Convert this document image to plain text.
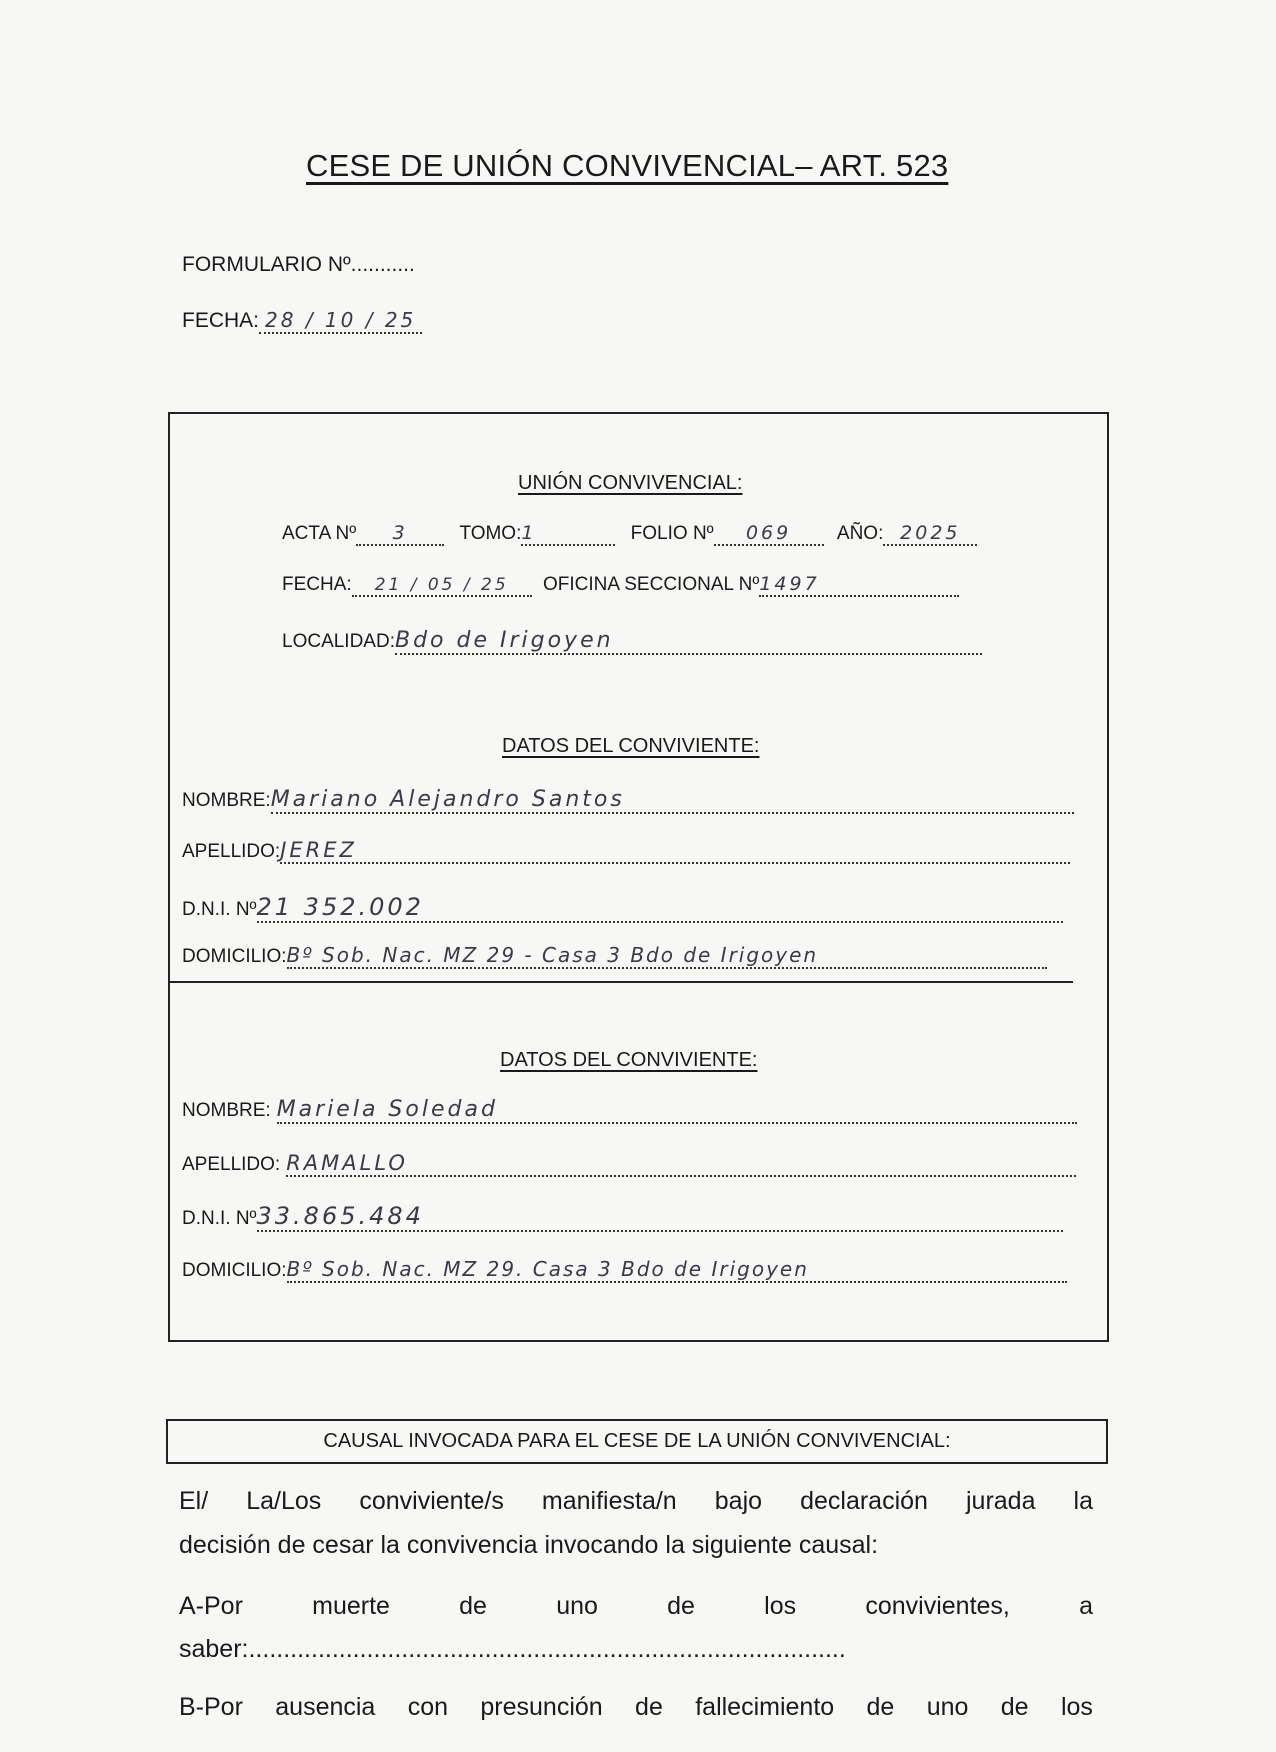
CESE DE UNIÓN CONVIVENCIAL– ART. 523
FORMULARIO Nº...........
FECHA: 28 / 10 / 25
UNIÓN CONVIVENCIAL:
ACTA Nº 3	TOMO:1	FOLIO Nº 069 AÑO: 2025
FECHA: 21 / 05 / 25 OFICINA SECCIONAL Nº1497
LOCALIDAD:Bdo de Irigoyen
DATOS DEL CONVIVIENTE:
NOMBRE:Mariano Alejandro Santos
APELLIDO:JEREZ
D.N.I. Nº21 352.002
DOMICILIO:Bº Sob. Nac. MZ 29 - Casa 3 Bdo de Irigoyen
DATOS DEL CONVIVIENTE:
NOMBRE: Mariela Soledad
APELLIDO: RAMALLO
D.N.I. Nº33.865.484
DOMICILIO:Bº Sob. Nac. MZ 29. Casa 3 Bdo de Irigoyen
CAUSAL INVOCADA PARA EL CESE DE LA UNIÓN CONVIVENCIAL:
El/ La/Los conviviente/s manifiesta/n bajo declaración jurada la
decisión de cesar la convivencia invocando la siguiente causal:
A-Por	muerte	de	uno	de	los	convivientes,	a
saber:......................................................................................
B-Por ausencia con presunción de fallecimiento de uno de los
